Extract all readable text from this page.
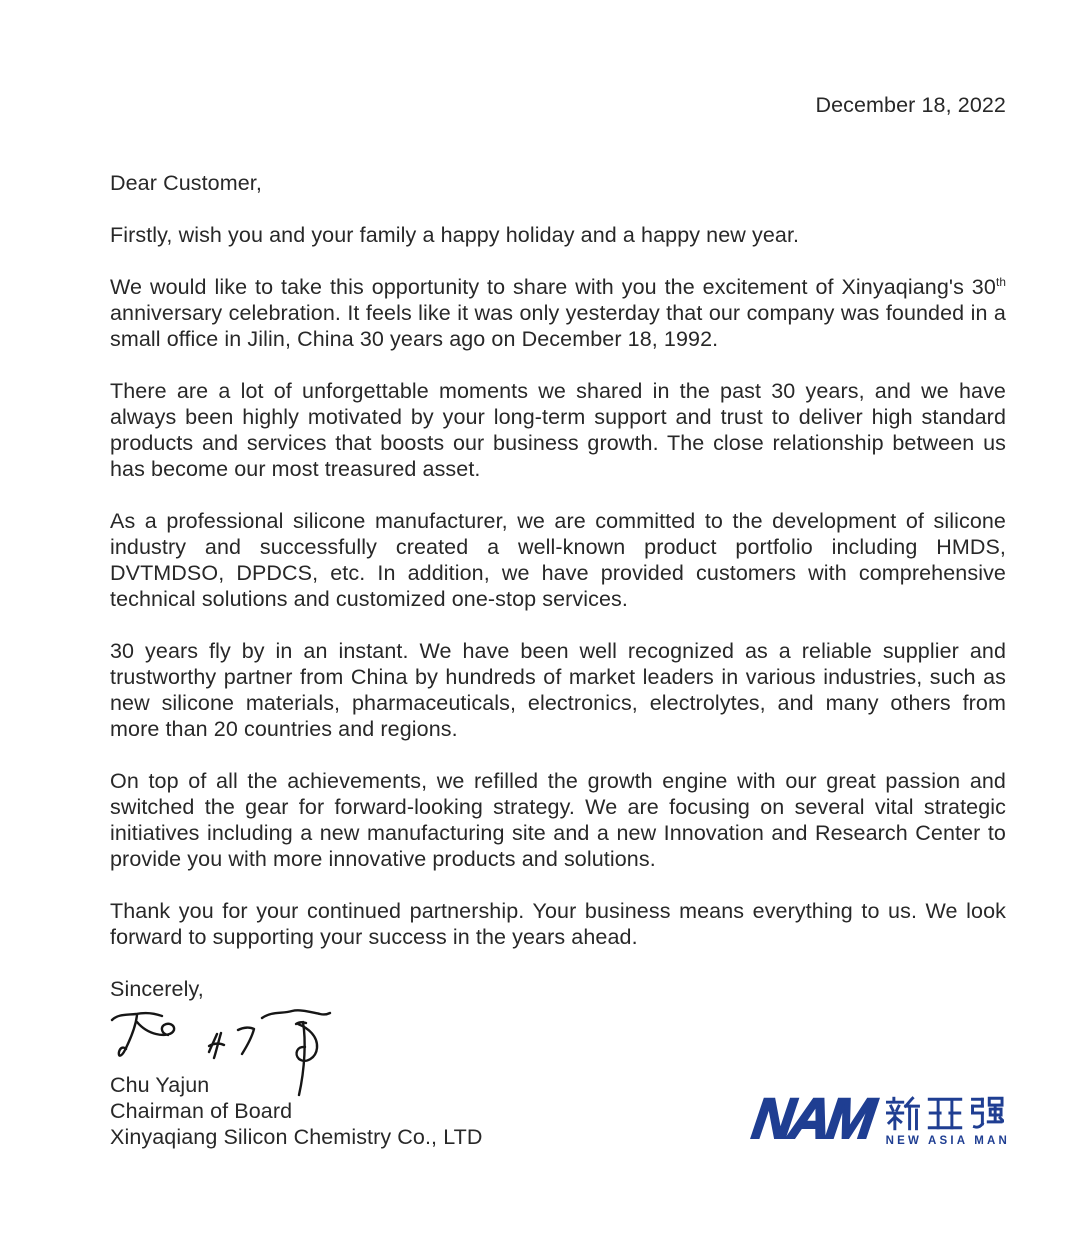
December 18, 2022
Dear Customer,

Firstly, wish you and your family a happy holiday and a happy new year.

We would like to take this opportunity to share with you the excitement of Xinyaqiang's 30th anniversary celebration. It feels like it was only yesterday that our company was founded in a small office in Jilin, China 30 years ago on December 18, 1992.

There are a lot of unforgettable moments we shared in the past 30 years, and we have always been highly motivated by your long-term support and trust to deliver high standard products and services that boosts our business growth. The close relationship between us has become our most treasured asset.

As a professional silicone manufacturer, we are committed to the development of silicone industry and successfully created a well-known product portfolio including HMDS, DVTMDSO, DPDCS, etc. In addition, we have provided customers with comprehensive technical solutions and customized one-stop services.

30 years fly by in an instant. We have been well recognized as a reliable supplier and trustworthy partner from China by hundreds of market leaders in various industries, such as new silicone materials, pharmaceuticals, electronics, electrolytes, and many others from more than 20 countries and regions.

On top of all the achievements, we refilled the growth engine with our great passion and switched the gear for forward-looking strategy. We are focusing on several vital strategic initiatives including a new manufacturing site and a new Innovation and Research Center to provide you with more innovative products and solutions.

Thank you for your continued partnership. Your business means everything to us. We look forward to supporting your success in the years ahead.

Sincerely,
Chu Yajun
Chairman of Board
Xinyaqiang Silicon Chemistry Co., LTD	NAM NEW ASIA MAN
